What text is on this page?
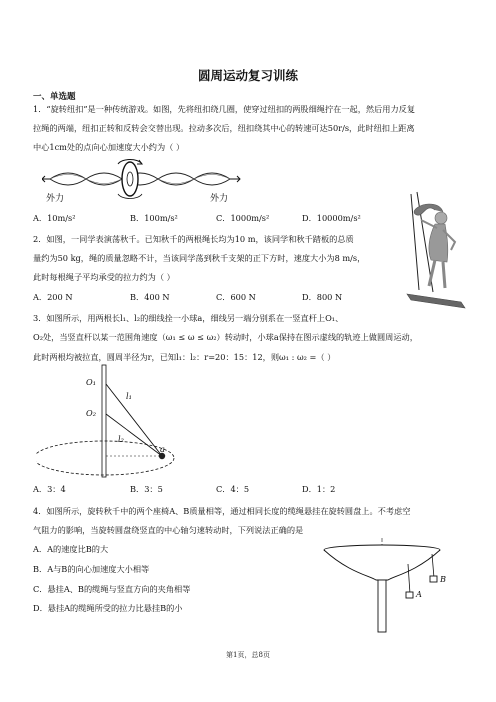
圆周运动复习训练
一、单选题
1．“旋转纽扣”是一种传统游戏。如图，先将纽扣绕几圈，使穿过纽扣的两股细绳拧在一起，然后用力反复
拉绳的两端，纽扣正转和反转会交替出现。拉动多次后，纽扣绕其中心的转速可达50r/s，此时纽扣上距离
中心1cm处的点向心加速度大小约为（ ）
外力	外力
A．10m/s²	B．100m/s²	C．1000m/s²	D．10000m/s²
2．如图，一同学表演荡秋千。已知秋千的两根绳长均为10 m，该同学和秋千踏板的总质
量约为50 kg，绳的质量忽略不计，当该同学荡到秋千支架的正下方时，速度大小为8 m/s，
此时每根绳子平均承受的拉力约为（ ）
A．200 N	B．400 N	C．600 N	D．800 N
3．如图所示，用两根长l₁、l₂的细线拴一小球a，细线另一端分别系在一竖直杆上O₁、
O₂处，当竖直杆以某一范围角速度（ω₁ ≤ ω ≤ ω₂）转动时，小球a保持在图示虚线的轨迹上做圆周运动，
此时两根均被拉直，圆周半径为r，已知l₁：l₂：r=20：15：12，则ω₁ : ω₂ =（ ）
O₁
O₂
l₁
l₂
a
A．3：4	B．3：5	C．4：5	D．1：2
4．如图所示，旋转秋千中的两个座椅A、B质量相等，通过相同长度的缆绳悬挂在旋转圆盘上。不考虑空
气阻力的影响，当旋转圆盘绕竖直的中心轴匀速转动时，下列说法正确的是
A．A的速度比B的大
B．A与B的向心加速度大小相等
C．悬挂A、B的缆绳与竖直方向的夹角相等
D．悬挂A的缆绳所受的拉力比悬挂B的小
A
B
第1页，总8页
